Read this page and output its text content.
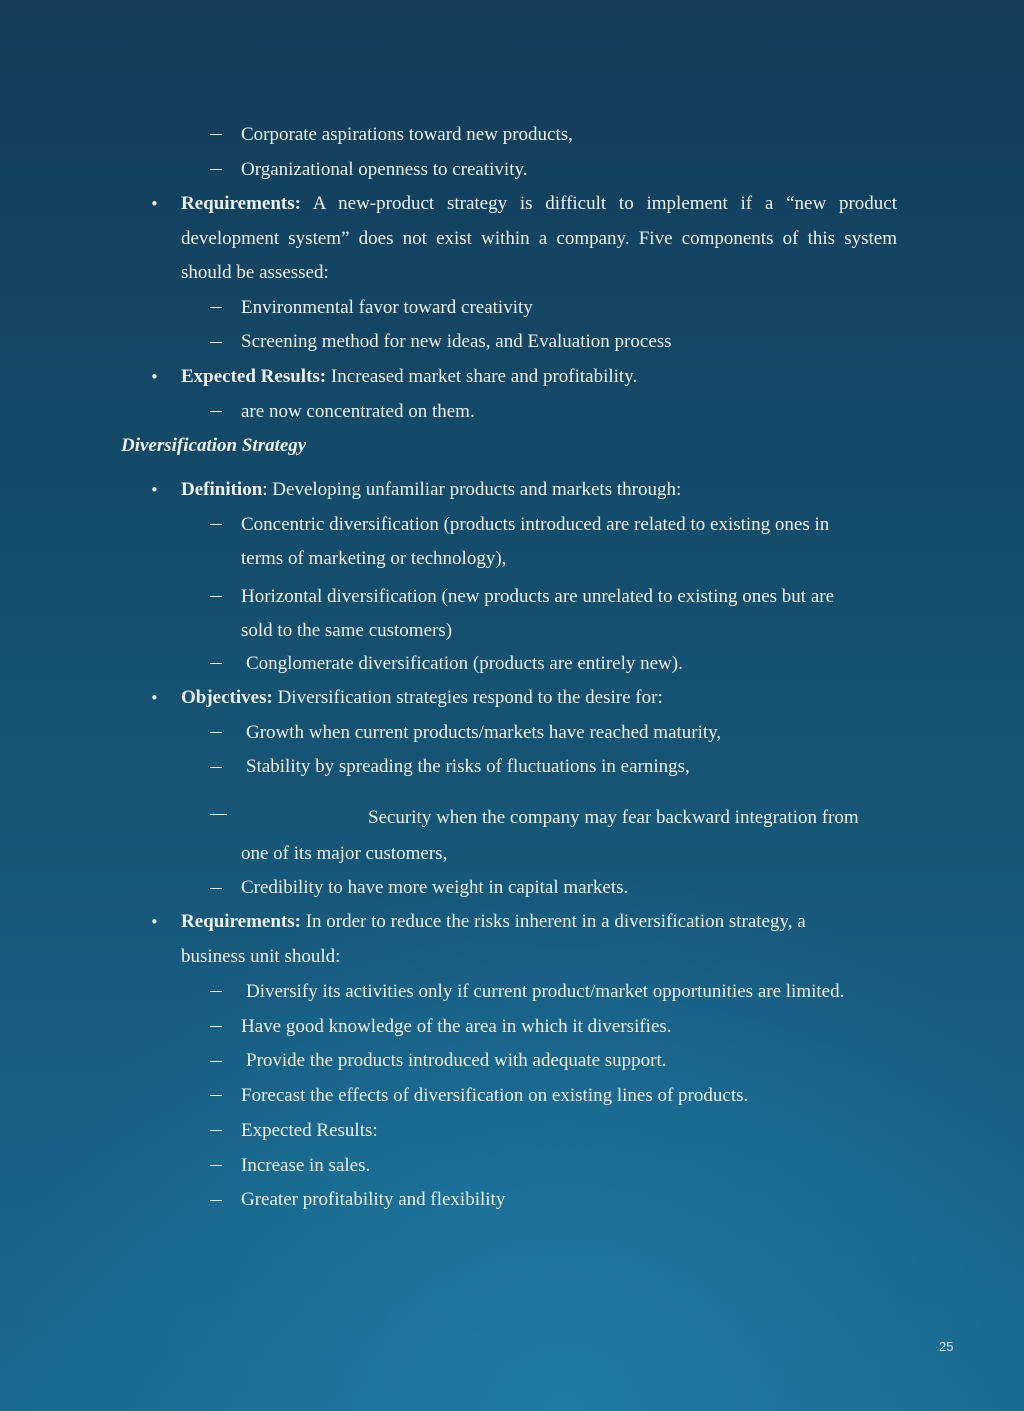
Corporate aspirations toward new products,
Organizational openness to creativity.
• Requirements: A new-product strategy is difficult to implement if a “new product
development system” does not exist within a company. Five components of this system
should be assessed:
Environmental favor toward creativity
Screening method for new ideas, and Evaluation process
• Expected Results: Increased market share and profitability.
are now concentrated on them.
Diversification Strategy
• Definition: Developing unfamiliar products and markets through:
Concentric diversification (products introduced are related to existing ones in
terms of marketing or technology),
Horizontal diversification (new products are unrelated to existing ones but are
sold to the same customers)
Conglomerate diversification (products are entirely new).
• Objectives: Diversification strategies respond to the desire for:
Growth when current products/markets have reached maturity,
Stability by spreading the risks of fluctuations in earnings,
Security when the company may fear backward integration from
one of its major customers,
Credibility to have more weight in capital markets.
• Requirements: In order to reduce the risks inherent in a diversification strategy, a
business unit should:
Diversify its activities only if current product/market opportunities are limited.
Have good knowledge of the area in which it diversifies.
Provide the products introduced with adequate support.
Forecast the effects of diversification on existing lines of products.
Expected Results:
Increase in sales.
Greater profitability and flexibility
25
